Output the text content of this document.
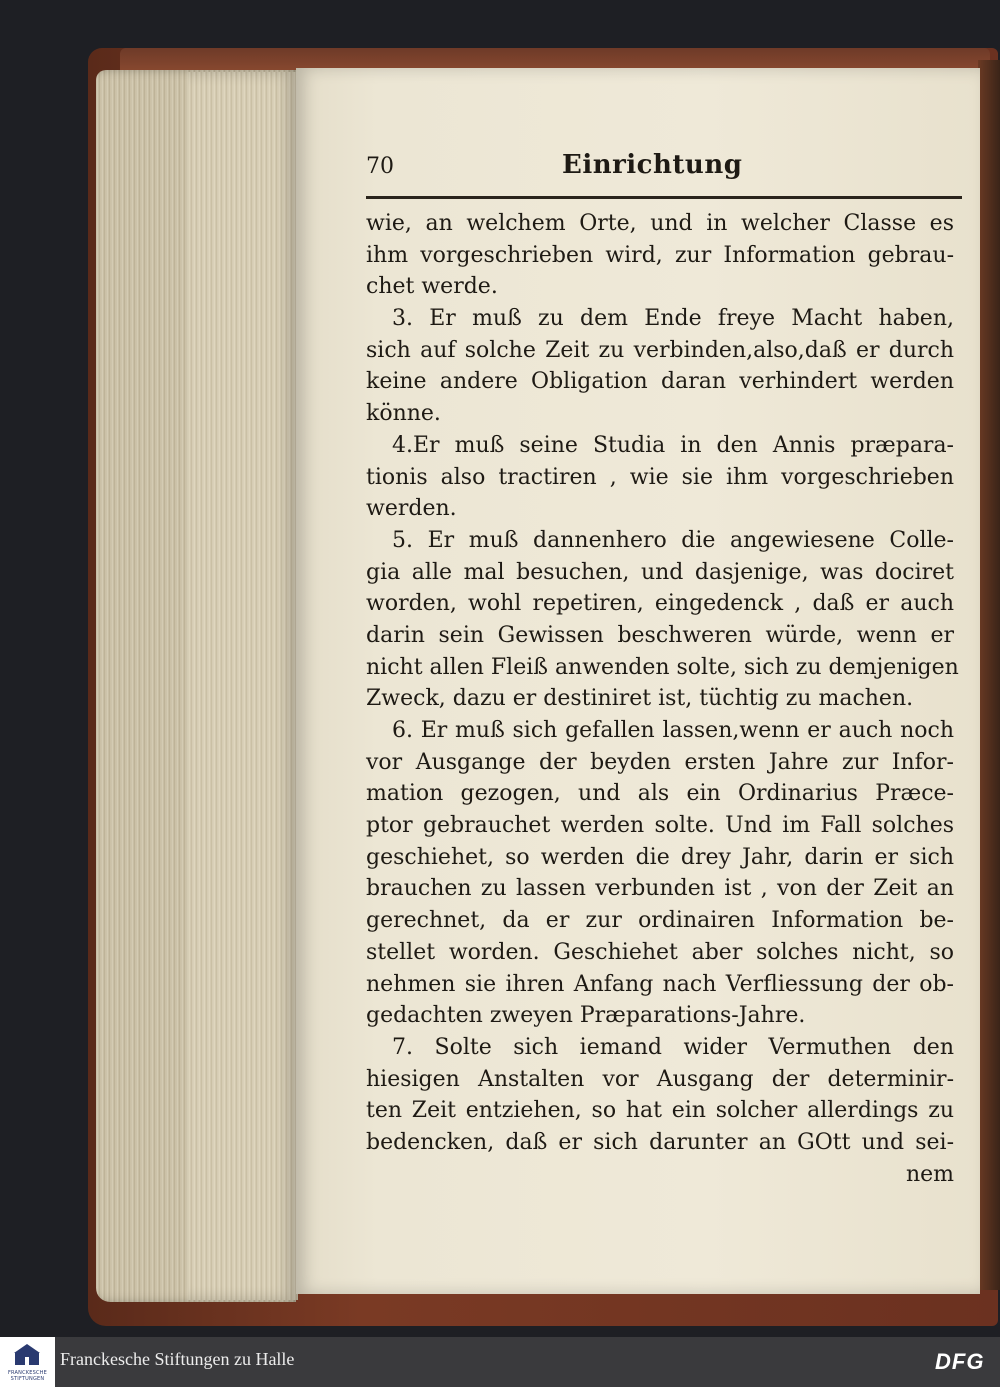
70	Einrichtung
wie, an welchem Orte, und in welcher Classe es
ihm vorgeschrieben wird, zur Information gebrau-
chet werde.
3. Er muß zu dem Ende freye Macht haben,
sich auf solche Zeit zu verbinden,also,daß er durch
keine andere Obligation daran verhindert werden
könne.
4.Er muß seine Studia in den Annis præpara-
tionis also tractiren , wie sie ihm vorgeschrieben
werden.
5. Er muß dannenhero die angewiesene Colle-
gia alle mal besuchen, und dasjenige, was dociret
worden, wohl repetiren, eingedenck , daß er auch
darin sein Gewissen beschweren würde, wenn er
nicht allen Fleiß anwenden solte, sich zu demjenigen
Zweck, dazu er destiniret ist, tüchtig zu machen.
6. Er muß sich gefallen lassen,wenn er auch noch
vor Ausgange der beyden ersten Jahre zur Infor-
mation gezogen, und als ein Ordinarius Præce-
ptor gebrauchet werden solte. Und im Fall solches
geschiehet, so werden die drey Jahr, darin er sich
brauchen zu lassen verbunden ist , von der Zeit an
gerechnet, da er zur ordinairen Information be-
stellet worden. Geschiehet aber solches nicht, so
nehmen sie ihren Anfang nach Verfliessung der ob-
gedachten zweyen Præparations-Jahre.
7. Solte sich iemand wider Vermuthen den
hiesigen Anstalten vor Ausgang der determinir-
ten Zeit entziehen, so hat ein solcher allerdings zu
bedencken, daß er sich darunter an GOtt und sei-
nem
FRANCKESCHE STIFTUNGEN
Franckesche Stiftungen zu Halle	DFG
